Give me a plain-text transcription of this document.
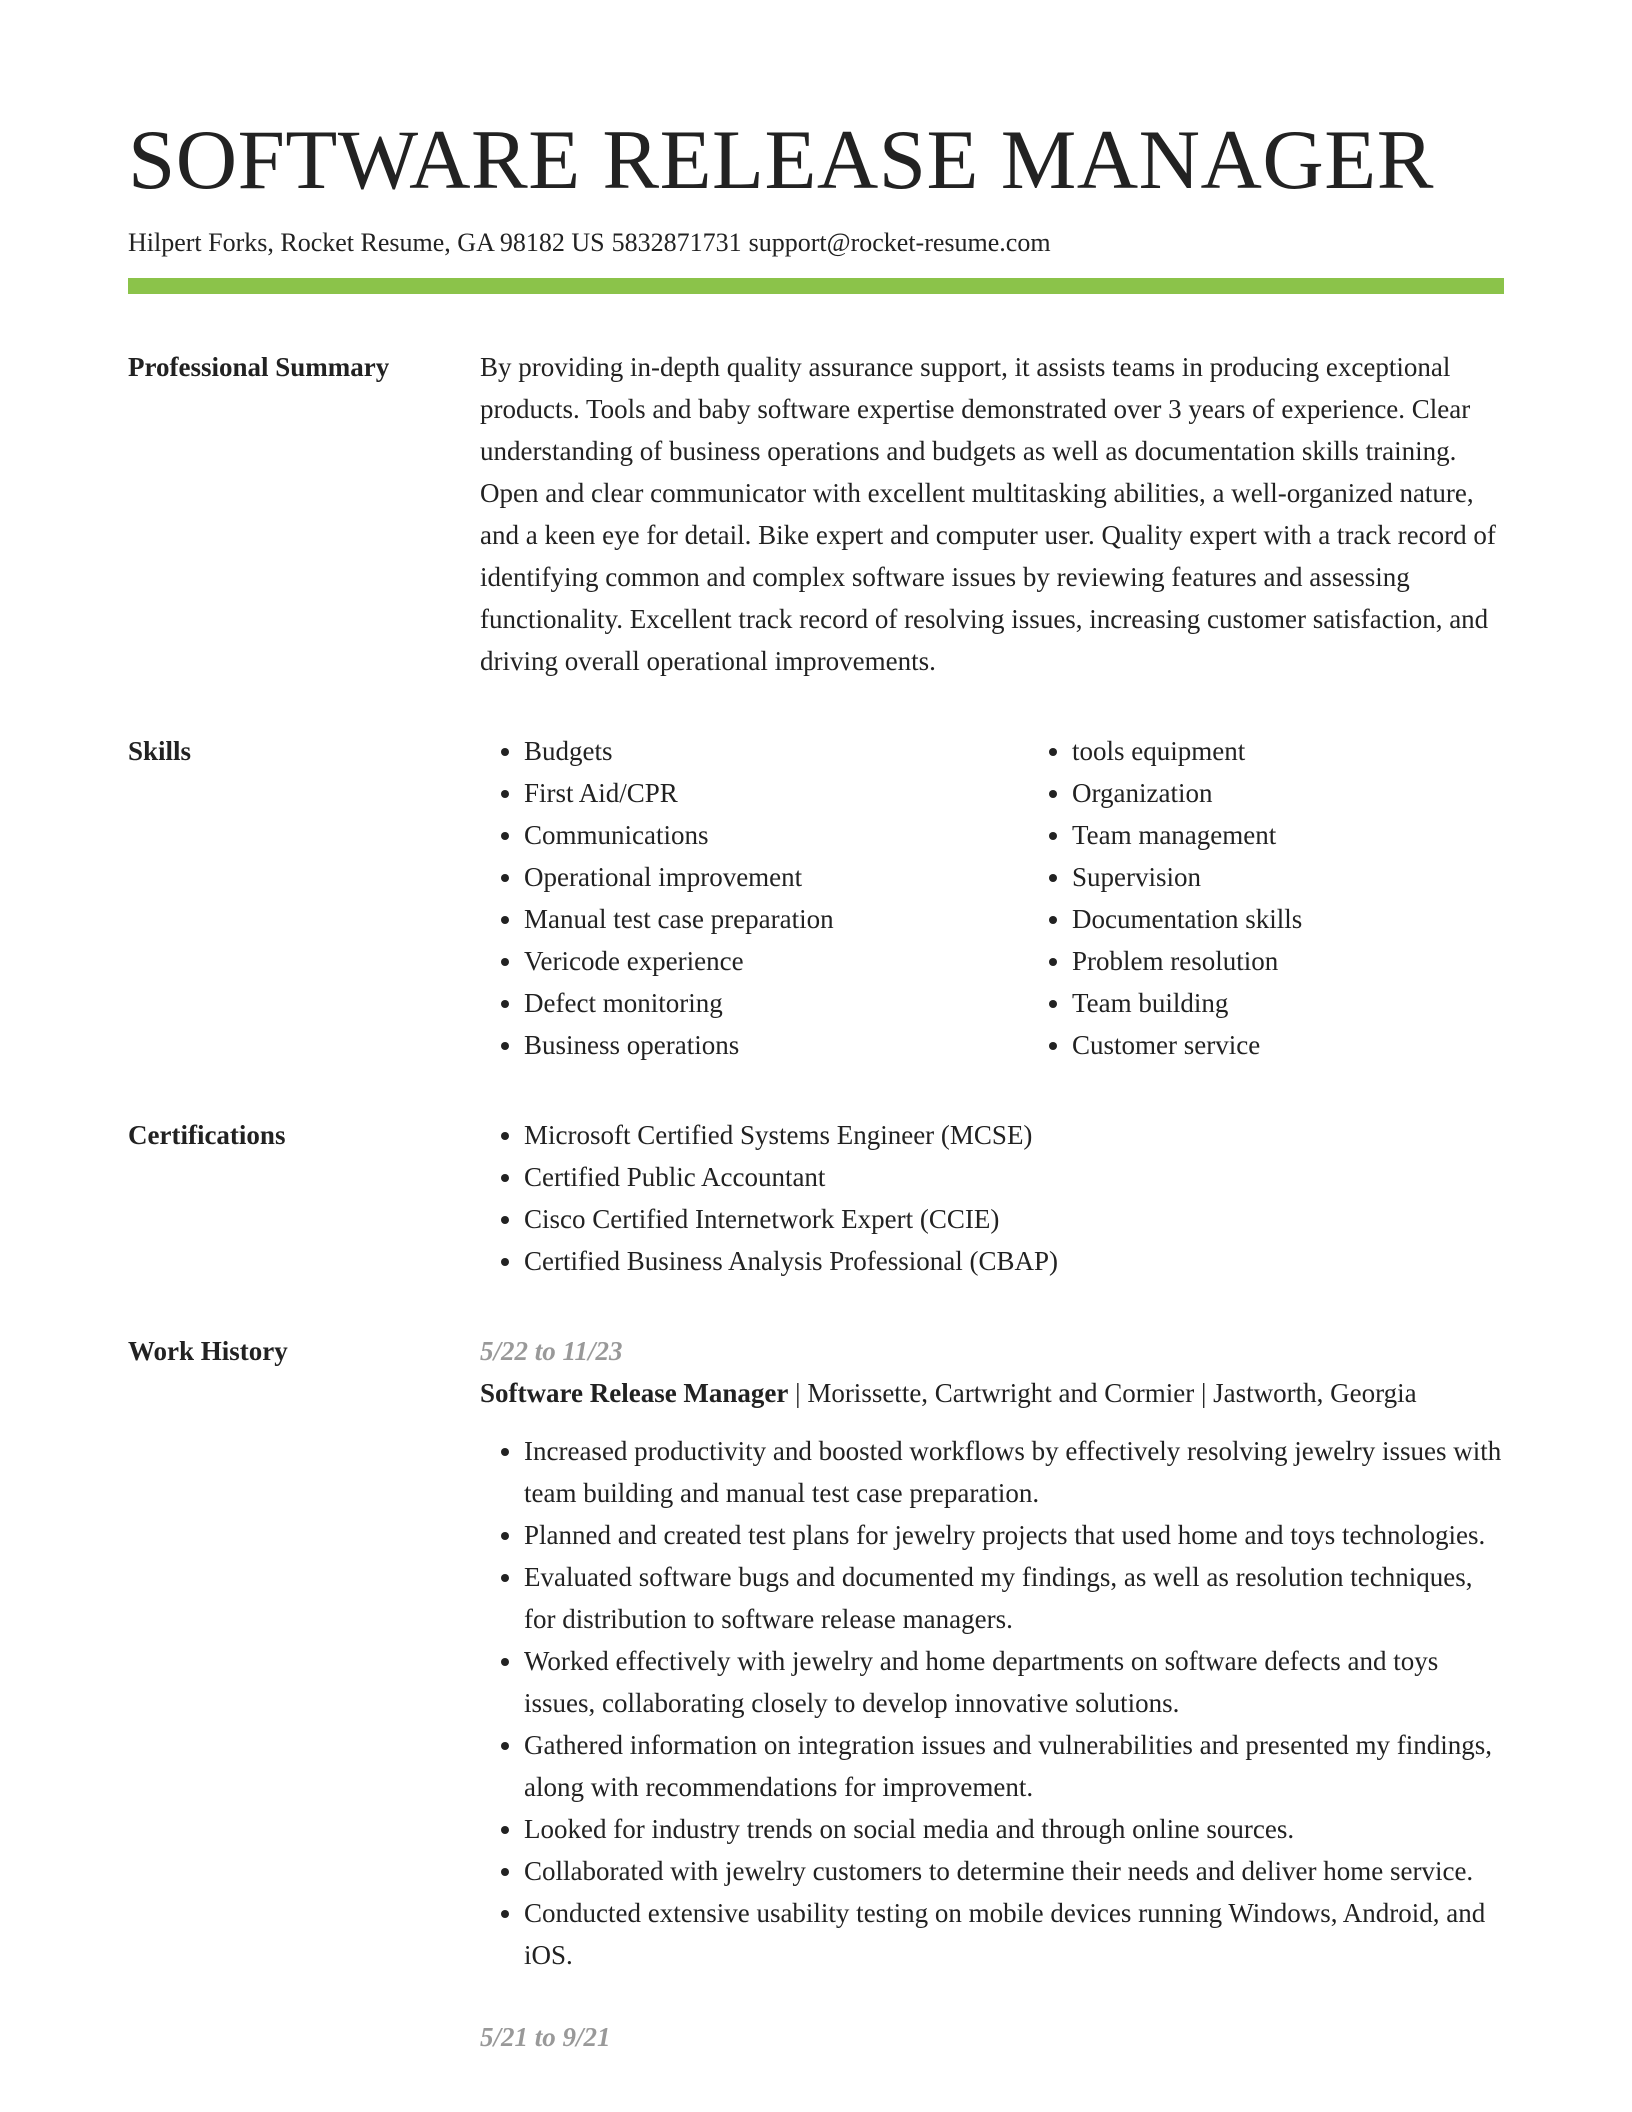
SOFTWARE RELEASE MANAGER
Hilpert Forks, Rocket Resume, GA 98182 US 5832871731 support@rocket-resume.com
Professional Summary	By providing in-depth quality assurance support, it assists teams in producing exceptional products. Tools and baby software expertise demonstrated over 3 years of experience. Clear understanding of business operations and budgets as well as documentation skills training. Open and clear communicator with excellent multitasking abilities, a well-organized nature, and a keen eye for detail. Bike expert and computer user. Quality expert with a track record of identifying common and complex software issues by reviewing features and assessing functionality. Excellent track record of resolving issues, increasing customer satisfaction, and driving overall operational improvements.

Skills	• Budgets
• First Aid/CPR
• Communications
• Operational improvement
• Manual test case preparation
• Vericode experience
• Defect monitoring
• Business operations
• tools equipment
• Organization
• Team management
• Supervision
• Documentation skills
• Problem resolution
• Team building
• Customer service
Certifications	• Microsoft Certified Systems Engineer (MCSE)
• Certified Public Accountant
• Cisco Certified Internetwork Expert (CCIE)
• Certified Business Analysis Professional (CBAP)
Work History	5/22 to 11/23
Software Release Manager | Morissette, Cartwright and Cormier | Jastworth, Georgia
• Increased productivity and boosted workflows by effectively resolving jewelry issues with team building and manual test case preparation.
• Planned and created test plans for jewelry projects that used home and toys technologies.
• Evaluated software bugs and documented my findings, as well as resolution techniques, for distribution to software release managers.
• Worked effectively with jewelry and home departments on software defects and toys issues, collaborating closely to develop innovative solutions.
• Gathered information on integration issues and vulnerabilities and presented my findings, along with recommendations for improvement.
• Looked for industry trends on social media and through online sources.
• Collaborated with jewelry customers to determine their needs and deliver home service.
• Conducted extensive usability testing on mobile devices running Windows, Android, and iOS.
5/21 to 9/21
